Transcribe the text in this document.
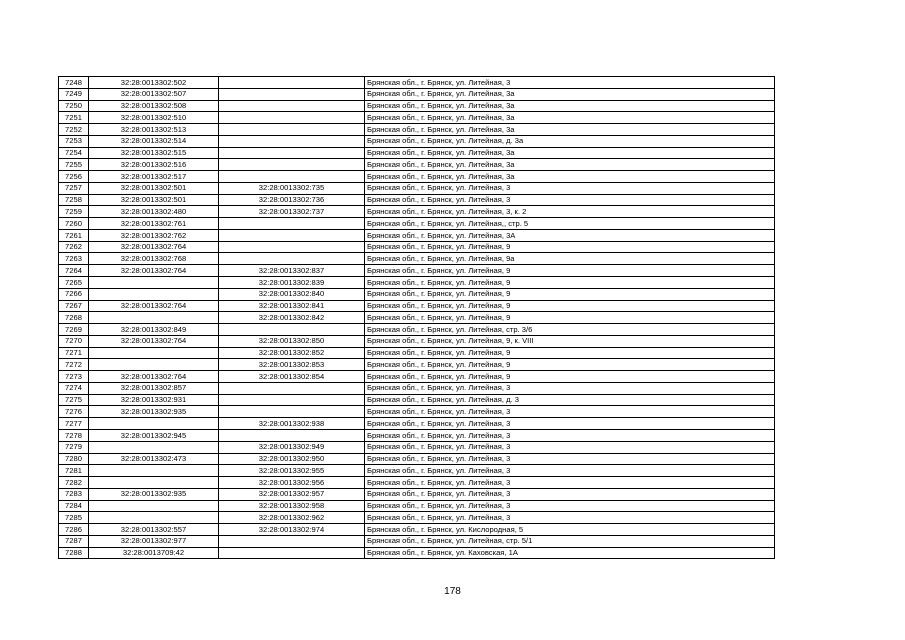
7248	32:28:0013302:502		Брянская обл., г. Брянск, ул. Литейная, 3
7249	32:28:0013302:507		Брянская обл., г. Брянск, ул. Литейная, 3а
7250	32:28:0013302:508		Брянская обл., г. Брянск, ул. Литейная, 3а
7251	32:28:0013302:510		Брянская обл., г. Брянск, ул. Литейная, 3а
7252	32:28:0013302:513		Брянская обл., г. Брянск, ул. Литейная, 3а
7253	32:28:0013302:514		Брянская обл., г. Брянск, ул. Литейная, д. 3а
7254	32:28:0013302:515		Брянская обл., г. Брянск, ул. Литейная, 3а
7255	32:28:0013302:516		Брянская обл., г. Брянск, ул. Литейная, 3а
7256	32:28:0013302:517		Брянская обл., г. Брянск, ул. Литейная, 3а
7257	32:28:0013302:501	32:28:0013302:735	Брянская обл., г. Брянск, ул. Литейная, 3
7258	32:28:0013302:501	32:28:0013302:736	Брянская обл., г. Брянск, ул. Литейная, 3
7259	32:28:0013302:480	32:28:0013302:737	Брянская обл., г. Брянск, ул. Литейная, 3, к. 2
7260	32:28:0013302:761		Брянская обл., г. Брянск, ул. Литейная,, стр. 5
7261	32:28:0013302:762		Брянская обл., г. Брянск, ул. Литейная, 3А
7262	32:28:0013302:764		Брянская обл., г. Брянск, ул. Литейная, 9
7263	32:28:0013302:768		Брянская обл., г. Брянск, ул. Литейная, 9а
7264	32:28:0013302:764	32:28:0013302:837	Брянская обл., г. Брянск, ул. Литейная, 9
7265		32:28:0013302:839	Брянская обл., г. Брянск, ул. Литейная, 9
7266		32:28:0013302:840	Брянская обл., г. Брянск, ул. Литейная, 9
7267	32:28:0013302:764	32:28:0013302:841	Брянская обл., г. Брянск, ул. Литейная, 9
7268		32:28:0013302:842	Брянская обл., г. Брянск, ул. Литейная, 9
7269	32:28:0013302:849		Брянская обл., г. Брянск, ул. Литейная, стр. 3/6
7270	32:28:0013302:764	32:28:0013302:850	Брянская обл., г. Брянск, ул. Литейная, 9, к. VIII
7271		32:28:0013302:852	Брянская обл., г. Брянск, ул. Литейная, 9
7272		32:28:0013302:853	Брянская обл., г. Брянск, ул. Литейная, 9
7273	32:28:0013302:764	32:28:0013302:854	Брянская обл., г. Брянск, ул. Литейная, 9
7274	32:28:0013302:857		Брянская обл., г. Брянск, ул. Литейная, 3
7275	32:28:0013302:931		Брянская обл., г. Брянск, ул. Литейная, д. 3
7276	32:28:0013302:935		Брянская обл., г. Брянск, ул. Литейная, 3
7277		32:28:0013302:938	Брянская обл., г. Брянск, ул. Литейная, 3
7278	32:28:0013302:945		Брянская обл., г. Брянск, ул. Литейная, 3
7279		32:28:0013302:949	Брянская обл., г. Брянск, ул. Литейная, 3
7280	32:28:0013302:473	32:28:0013302:950	Брянская обл., г. Брянск, ул. Литейная, 3
7281		32:28:0013302:955	Брянская обл., г. Брянск, ул. Литейная, 3
7282		32:28:0013302:956	Брянская обл., г. Брянск, ул. Литейная, 3
7283	32:28:0013302:935	32:28:0013302:957	Брянская обл., г. Брянск, ул. Литейная, 3
7284		32:28:0013302:958	Брянская обл., г. Брянск, ул. Литейная, 3
7285		32:28:0013302:962	Брянская обл., г. Брянск, ул. Литейная, 3
7286	32:28:0013302:557	32:28:0013302:974	Брянская обл., г. Брянск, ул. Кислородная, 5
7287	32:28:0013302:977		Брянская обл., г. Брянск, ул. Литейная, стр. 5/1
7288	32:28:0013709:42		Брянская обл., г. Брянск, ул. Каховская, 1А
178
